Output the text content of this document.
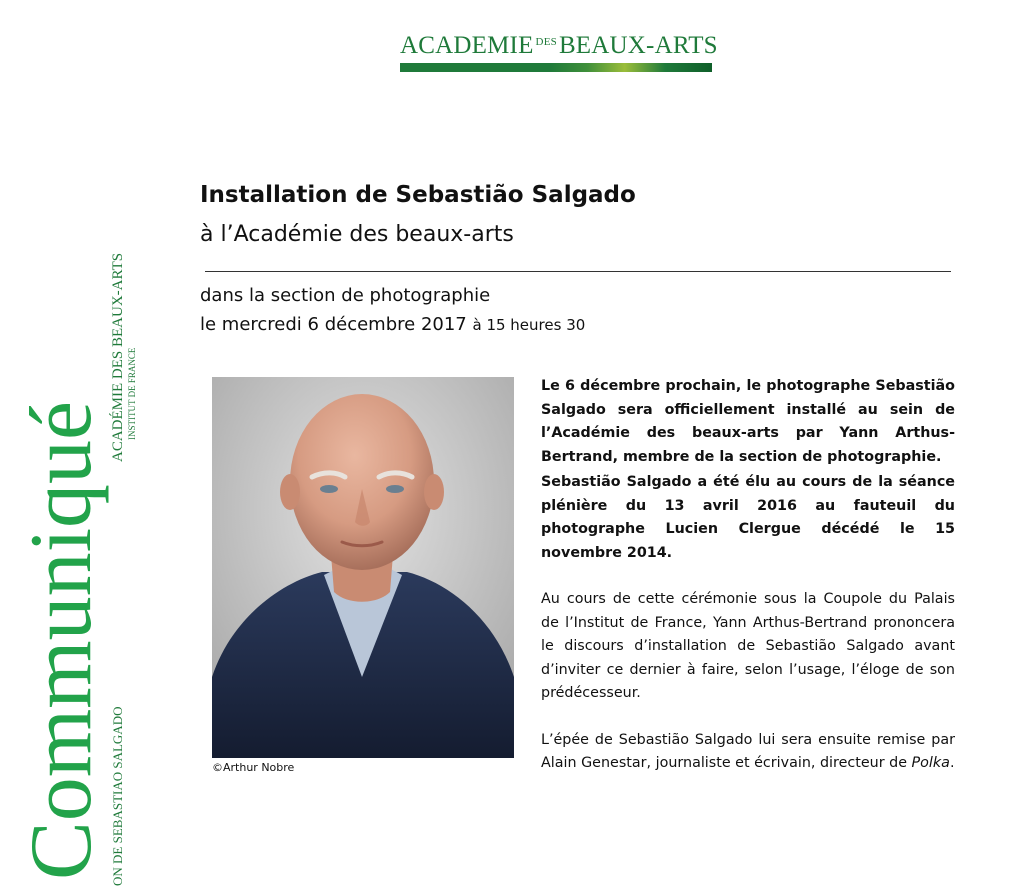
ACADEMIE $^{DES}$BEAUX-ARTS
Communiqué
ACADÉMIE DES BEAUX-ARTS INSTITUT DE FRANCE
ON DE SEBASTIAO SALGADO
Installation de Sebastião Salgado
à l’Académie des beaux-arts
dans la section de photographie
le mercredi 6 décembre 2017 à 15 heures 30
©Arthur Nobre

Le 6 décembre prochain, le photographe Sebastião Salgado sera officiellement installé au sein de l’Académie des beaux-arts par Yann Arthus-Bertrand, membre de la section de photographie.

Sebastião Salgado a été élu au cours de la séance plénière du 13 avril 2016 au fauteuil du photographe Lucien Clergue décédé le 15 novembre 2014.

Au cours de cette cérémonie sous la Coupole du Palais de l’Institut de France, Yann Arthus-Bertrand prononcera le discours d’installation de Sebastião Salgado avant d’inviter ce dernier à faire, selon l’usage, l’éloge de son prédécesseur.

L’épée de Sebastião Salgado lui sera ensuite remise par Alain Genestar, journaliste et écrivain, directeur de Polka.
